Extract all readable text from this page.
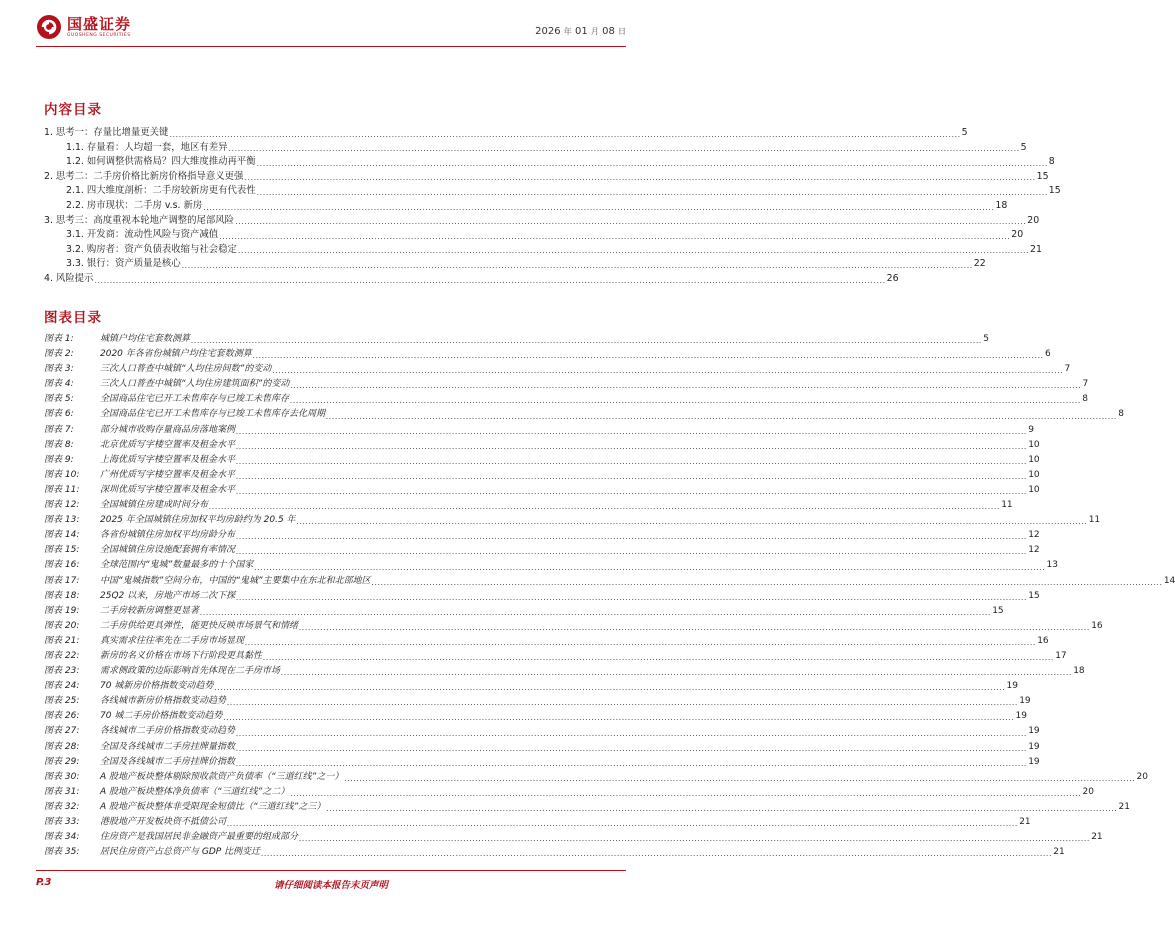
国盛证券
GUOSHENG SECURITIES	2026 年 01 月 08 日
内容目录
1. 思考一：存量比增量更关键 .................................................................................................................................................................................................................................................................... 5
1.1. 存量看：人均超一套，地区有差异 .................................................................................................................................................................................................................................................................... 5
1.2. 如何调整供需格局？四大维度推动再平衡 .................................................................................................................................................................................................................................................................... 8
2. 思考二：二手房价格比新房价格指导意义更强 .................................................................................................................................................................................................................................................................... 15
2.1. 四大维度剖析：二手房较新房更有代表性 .................................................................................................................................................................................................................................................................... 15
2.2. 房市现状：二手房 v.s. 新房 .................................................................................................................................................................................................................................................................... 18
3. 思考三：高度重视本轮地产调整的尾部风险 .................................................................................................................................................................................................................................................................... 20
3.1. 开发商：流动性风险与资产减值 .................................................................................................................................................................................................................................................................... 20
3.2. 购房者：资产负债表收缩与社会稳定 .................................................................................................................................................................................................................................................................... 21
3.3. 银行：资产质量是核心 .................................................................................................................................................................................................................................................................... 22
4. 风险提示 .................................................................................................................................................................................................................................................................... 26
图表目录
图表 1:	城镇户均住宅套数测算 .................................................................................................................................................................................................................................................................... 5
图表 2:	2020 年各省份城镇户均住宅套数测算 .................................................................................................................................................................................................................................................................... 6
图表 3:	三次人口普查中城镇“人均住房间数”的变动 .................................................................................................................................................................................................................................................................... 7
图表 4:	三次人口普查中城镇“人均住房建筑面积”的变动 .................................................................................................................................................................................................................................................................... 7
图表 5:	全国商品住宅已开工未售库存与已竣工未售库存 .................................................................................................................................................................................................................................................................... 8
图表 6:	全国商品住宅已开工未售库存与已竣工未售库存去化周期 .................................................................................................................................................................................................................................................................... 8
图表 7:	部分城市收购存量商品房落地案例 .................................................................................................................................................................................................................................................................... 9
图表 8:	北京优质写字楼空置率及租金水平 .................................................................................................................................................................................................................................................................... 10
图表 9:	上海优质写字楼空置率及租金水平 .................................................................................................................................................................................................................................................................... 10
图表 10:	广州优质写字楼空置率及租金水平 .................................................................................................................................................................................................................................................................... 10
图表 11:	深圳优质写字楼空置率及租金水平 .................................................................................................................................................................................................................................................................... 10
图表 12:	全国城镇住房建成时间分布 .................................................................................................................................................................................................................................................................... 11
图表 13:	2025 年全国城镇住房加权平均房龄约为 20.5 年 .................................................................................................................................................................................................................................................................... 11
图表 14:	各省份城镇住房加权平均房龄分布 .................................................................................................................................................................................................................................................................... 12
图表 15:	全国城镇住房设施配套拥有率情况 .................................................................................................................................................................................................................................................................... 12
图表 16:	全球范围内“鬼城”数量最多的十个国家 .................................................................................................................................................................................................................................................................... 13
图表 17:	中国“鬼城指数”空间分布，中国的“鬼城”主要集中在东北和北部地区 .................................................................................................................................................................................................................................................................... 14
图表 18:	25Q2 以来，房地产市场二次下探 .................................................................................................................................................................................................................................................................... 15
图表 19:	二手房较新房调整更显著 .................................................................................................................................................................................................................................................................... 15
图表 20:	二手房供给更具弹性，能更快反映市场景气和情绪 .................................................................................................................................................................................................................................................................... 16
图表 21:	真实需求往往率先在二手房市场显现 .................................................................................................................................................................................................................................................................... 16
图表 22:	新房的名义价格在市场下行阶段更具黏性 .................................................................................................................................................................................................................................................................... 17
图表 23:	需求侧政策的边际影响首先体现在二手房市场 .................................................................................................................................................................................................................................................................... 18
图表 24:	70 城新房价格指数变动趋势 .................................................................................................................................................................................................................................................................... 19
图表 25:	各线城市新房价格指数变动趋势 .................................................................................................................................................................................................................................................................... 19
图表 26:	70 城二手房价格指数变动趋势 .................................................................................................................................................................................................................................................................... 19
图表 27:	各线城市二手房价格指数变动趋势 .................................................................................................................................................................................................................................................................... 19
图表 28:	全国及各线城市二手房挂牌量指数 .................................................................................................................................................................................................................................................................... 19
图表 29:	全国及各线城市二手房挂牌价指数 .................................................................................................................................................................................................................................................................... 19
图表 30:	A 股地产板块整体剔除预收款资产负债率（“三道红线”之一） .................................................................................................................................................................................................................................................................... 20
图表 31:	A 股地产板块整体净负债率（“三道红线”之二） .................................................................................................................................................................................................................................................................... 20
图表 32:	A 股地产板块整体非受限现金短债比（“三道红线”之三） .................................................................................................................................................................................................................................................................... 21
图表 33:	港股地产开发板块资不抵债公司 .................................................................................................................................................................................................................................................................... 21
图表 34:	住房资产是我国居民非金融资产最重要的组成部分 .................................................................................................................................................................................................................................................................... 21
图表 35:	居民住房资产占总资产与 GDP 比例变迁 .................................................................................................................................................................................................................................................................... 21
P.3	请仔细阅读本报告末页声明
